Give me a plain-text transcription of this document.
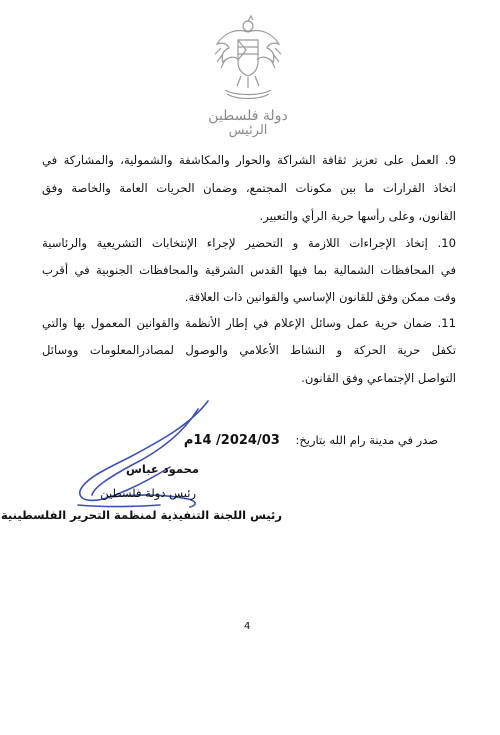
دولة فلسطين
الرئيس
9. العمل على تعزيز ثقافة الشراكة والحوار والمكاشفة والشمولية، والمشاركة في
اتخاذ القرارات ما بين مكونات المجتمع، وضمان الحريات العامة والخاصة وفق
القانون، وعلى رأسها حرية الرأي والتعبير.
10. إتخاذ الإجراءات اللازمة و التحضير لإجراء الإنتخابات التشريعية والرئاسية
في المحافظات الشمالية بما فيها القدس الشرقية والمحافظات الجنوبية في أقرب
وقت ممكن وفق للقانون الإساسي والقوانين ذات العلاقة.
11. ضمان حرية عمل وسائل الإعلام في إطار الأنظمة والقوانين المعمول بها والتي
تكفل حرية الحركة و النشاط الأعلامي والوصول لمصادرالمعلومات ووسائل
التواصل الإجتماعي وفق القانون.
صدر في مدينة رام الله بتاريخ: 2024/03/ 14م
محمود عباس
رئيس دولة فلسطين
رئيس اللجنة التنفيذية لمنظمة التحرير الفلسطينية
4
